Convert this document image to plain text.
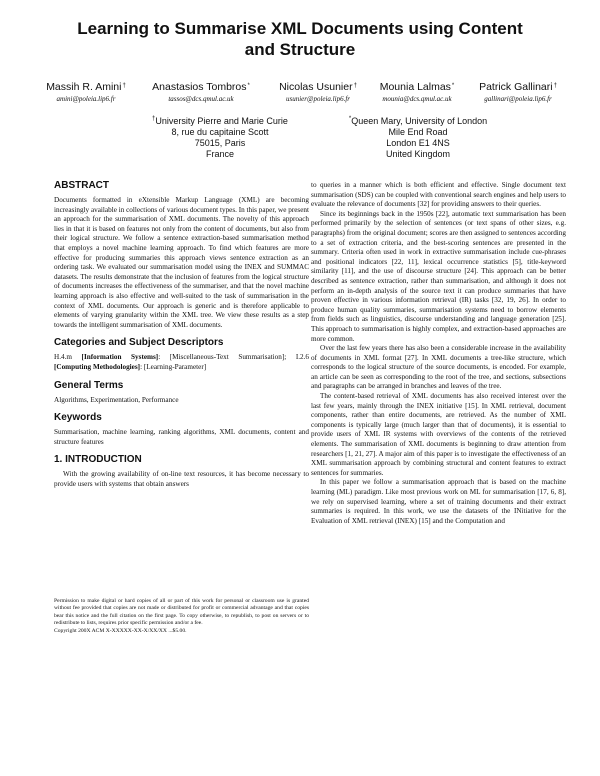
Learning to Summarise XML Documents using Content and Structure
Massih R. Amini†
amini@poleia.lip6.fr
Anastasios Tombros*
tassos@dcs.qmul.ac.uk
Nicolas Usunier†
usunier@poleia.lip6.fr
Mounia Lalmas*
mounia@dcs.qmul.ac.uk
Patrick Gallinari†
gallinari@poleia.lip6.fr
†University Pierre and Marie Curie
8, rue du capitaine Scott
75015, Paris
France
*Queen Mary, University of London
Mile End Road
London E1 4NS
United Kingdom
ABSTRACT

Documents formatted in eXtensible Markup Language (XML) are becoming increasingly available in collections of various document types. In this paper, we present an approach for the summarisation of XML documents. The novelty of this approach lies in that it is based on features not only from the content of documents, but also from their logical structure. We follow a sentence extraction-based summarisation method that employs a novel machine learning approach. To find which features are more effective for producing summaries this approach views sentence extraction as an ordering task. We evaluated our summarisation model using the INEX and SUMMAC datasets. The results demonstrate that the inclusion of features from the logical structure of documents increases the effectiveness of the summariser, and that the novel machine learning approach is also effective and well-suited to the task of summarisation in the context of XML documents. Our approach is generic and is therefore applicable to elements of varying granularity within the XML tree. We view these results as a step towards the intelligent summarisation of XML documents.

Categories and Subject Descriptors

H.4.m [Information Systems]: [Miscellaneous-Text Summarisation]; I.2.6 [Computing Methodologies]: [Learning-Parameter]

General Terms

Algorithms, Experimentation, Performance

Keywords

Summarisation, machine learning, ranking algorithms, XML documents, content and structure features

1. INTRODUCTION

With the growing availability of on-line text resources, it has become necessary to provide users with systems that obtain answers

Permission to make digital or hard copies of all or part of this work for personal or classroom use is granted without fee provided that copies are not made or distributed for profit or commercial advantage and that copies bear this notice and the full citation on the first page. To copy otherwise, to republish, to post on servers or to redistribute to lists, requires prior specific permission and/or a fee.

Copyright 200X ACM X-XXXXX-XX-X/XX/XX ...$5.00.

to queries in a manner which is both efficient and effective. Single document text summarisation (SDS) can be coupled with conventional search engines and help users to evaluate the relevance of documents [32] for providing answers to their queries.

Since its beginnings back in the 1950s [22], automatic text summarisation has been performed primarily by the selection of sentences (or text spans of other sizes, e.g. paragraphs) from the original document; scores are then assigned to sentences according to a set of extraction criteria, and the best-scoring sentences are presented in the summary. Criteria often used in work in extractive summarisation include cue-phrases and positional indicators [22, 11], lexical occurrence statistics [5], title-keyword similarity [11], and the use of discourse structure [24]. This approach can be better described as sentence extraction, rather than summarisation, and although it does not perform an in-depth analysis of the source text it can produce summaries that have proven effective in various information retrieval (IR) tasks [32, 19, 26]. In order to produce human quality summaries, summarisation systems need to borrow elements from fields such as linguistics, discourse understanding and language generation [25]. This approach to summarisation is highly complex, and extraction-based approaches are more common.

Over the last few years there has also been a considerable increase in the availability of documents in XML format [27]. In XML documents a tree-like structure, which corresponds to the logical structure of the source documents, is encoded. For example, an article can be seen as corresponding to the root of the tree, and sections, subsections and paragraphs can be arranged in branches and leaves of the tree.

The content-based retrieval of XML documents has also received interest over the last few years, mainly through the INEX initiative [15]. In XML retrieval, document components, rather than entire documents, are retrieved. As the number of XML components is typically large (much larger than that of documents), it is essential to provide users of XML IR systems with overviews of the contents of the retrieved elements. The summarisation of XML documents is beginning to draw attention from researchers [1, 21, 27]. A major aim of this paper is to investigate the effectiveness of an XML summarisation approach by combining structural and content features to extract sentences for summaries.

In this paper we follow a summarisation approach that is based on the machine learning (ML) paradigm. Like most previous work on ML for summarisation [17, 6, 8], we rely on supervised learning, where a set of training documents and their extract summaries is required. In this work, we use the datasets of the INitiative for the Evaluation of XML retrieval (INEX) [15] and the Computation and
